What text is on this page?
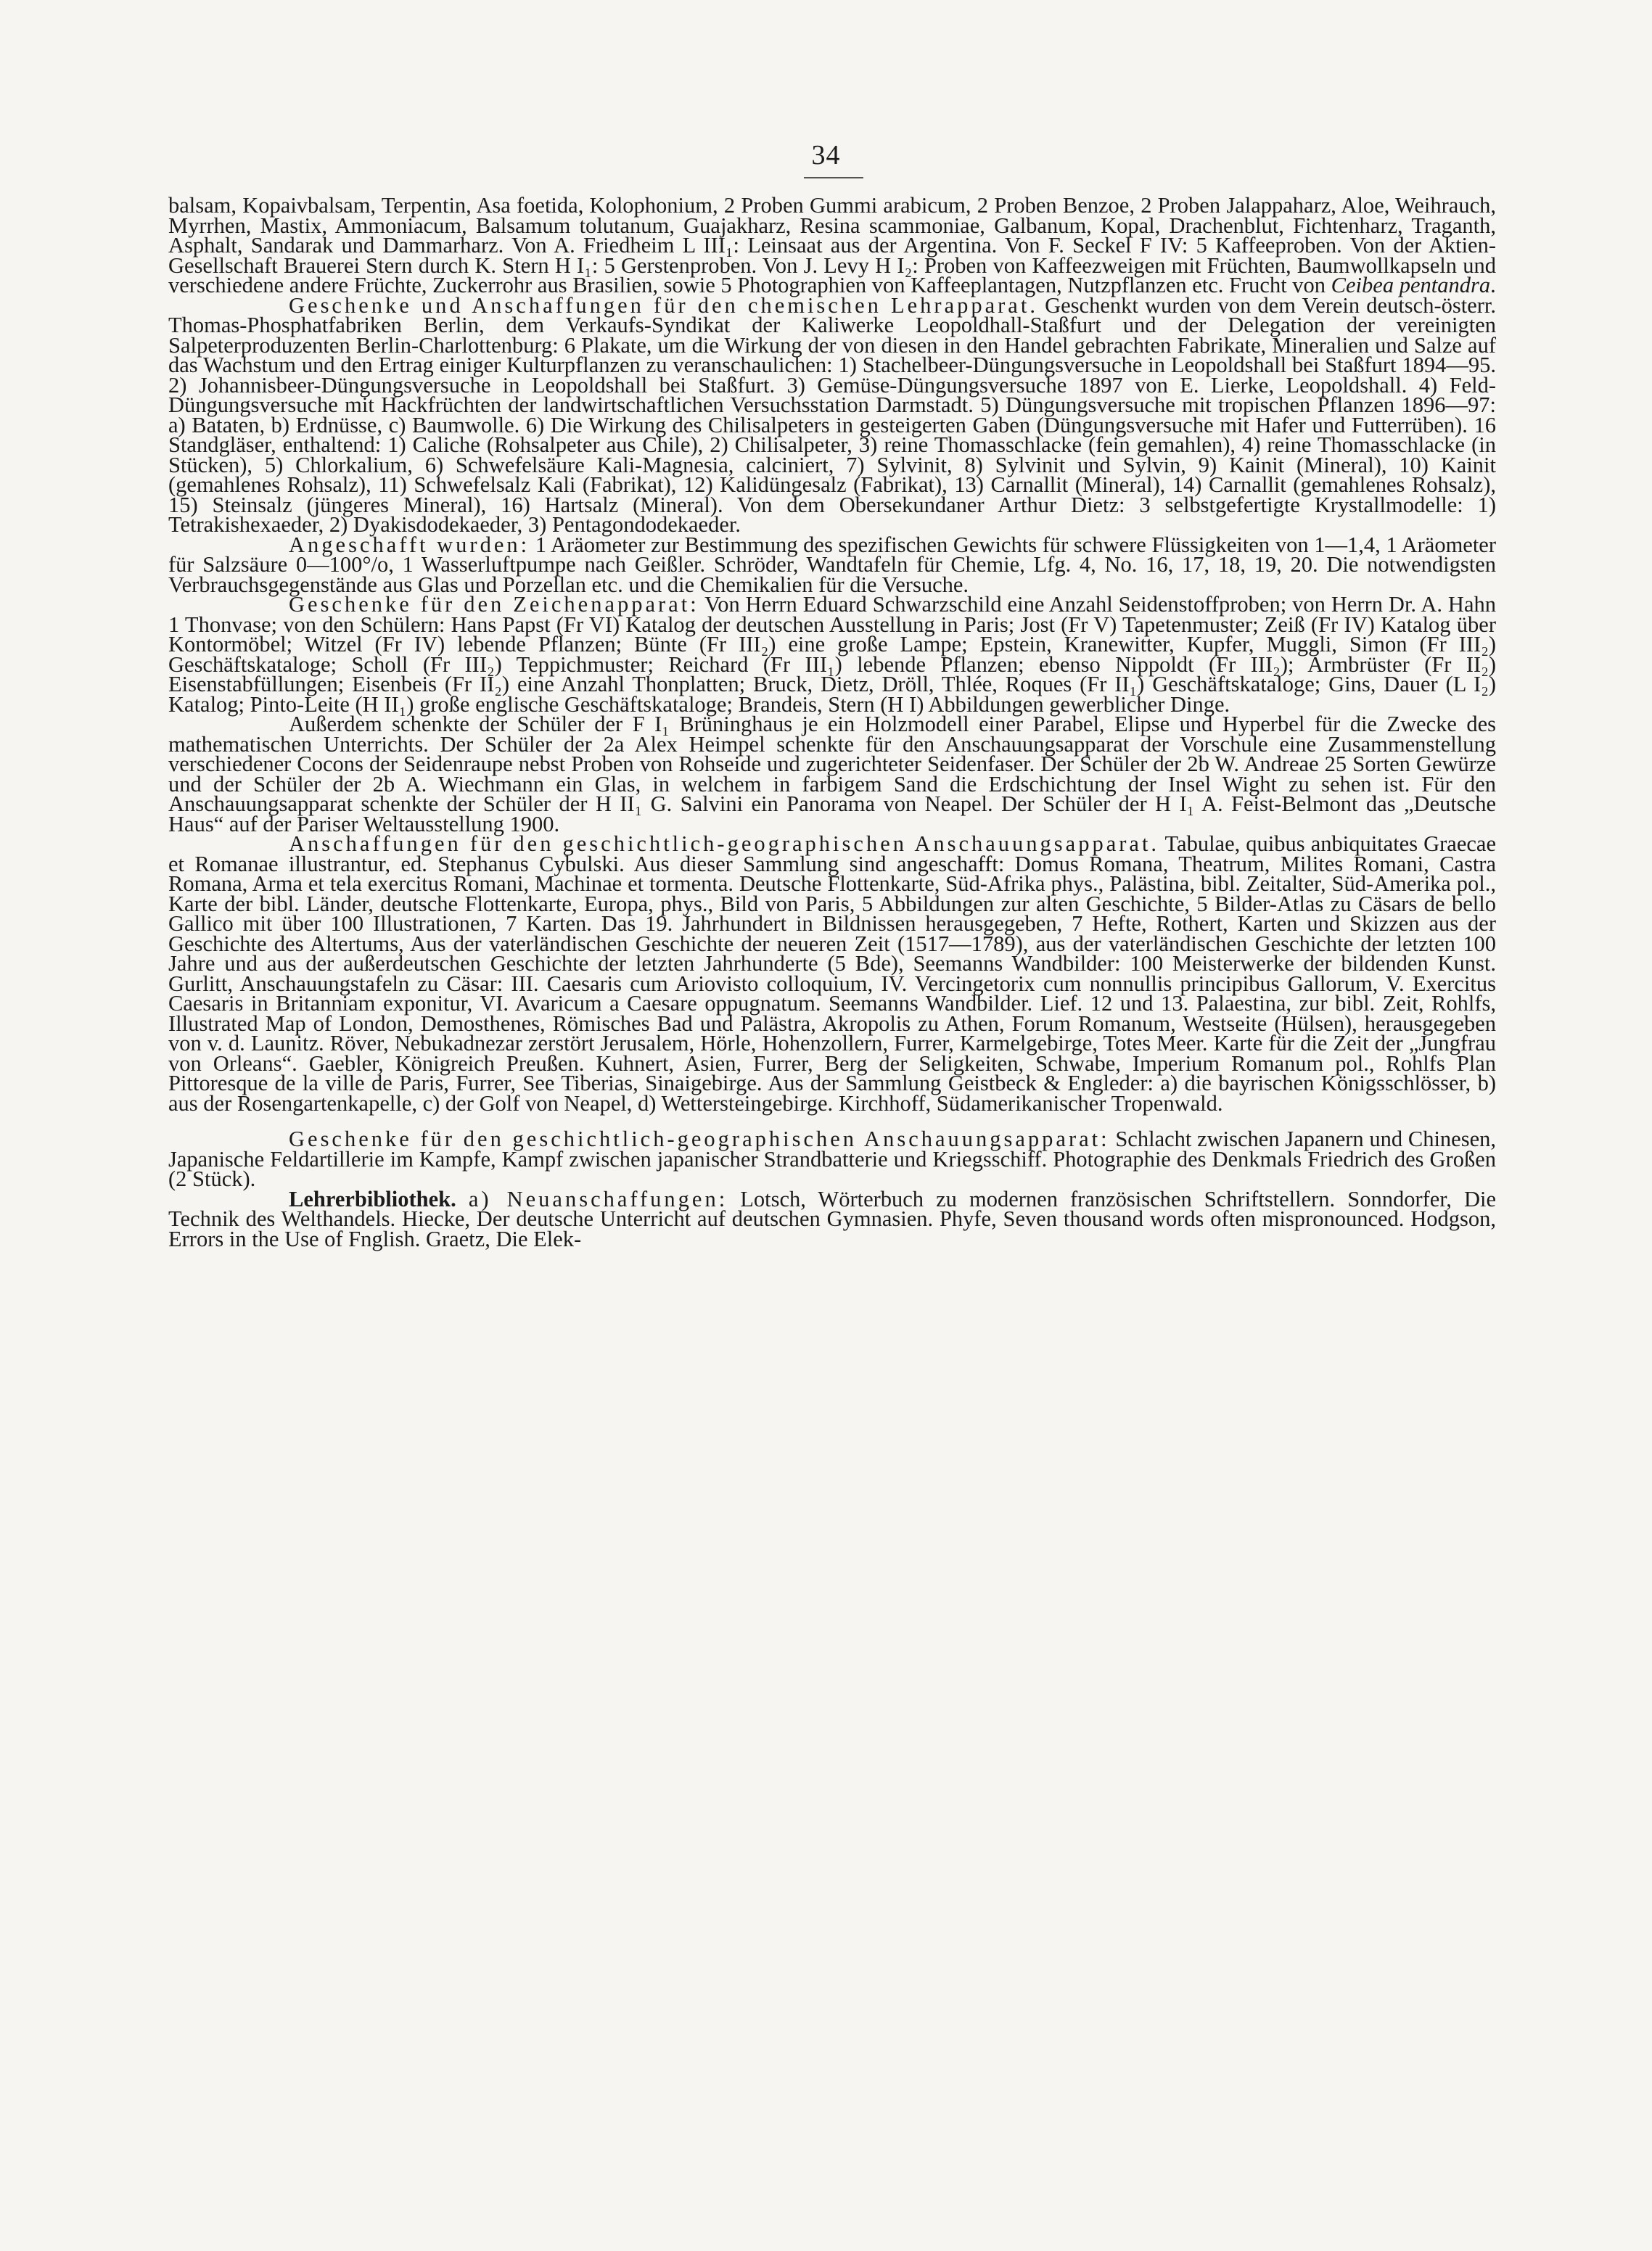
34

balsam, Kopaivbalsam, Terpentin, Asa foetida, Kolophonium, 2 Proben Gummi arabicum, 2 Proben Benzoe, 2 Proben Jalappaharz, Aloe, Weihrauch, Myrrhen, Mastix, Ammoniacum, Balsamum tolutanum, Guajakharz, Resina scammoniae, Galbanum, Kopal, Drachenblut, Fichtenharz, Traganth, Asphalt, Sandarak und Dammarharz. Von A. Friedheim L III₁: Leinsaat aus der Argentina. Von F. Seckel F IV: 5 Kaffeeproben. Von der Aktien-Gesellschaft Brauerei Stern durch K. Stern H I₁: 5 Gerstenproben. Von J. Levy H I₂: Proben von Kaffeezweigen mit Früchten, Baumwollkapseln und verschiedene andere Früchte, Zuckerrohr aus Brasilien, sowie 5 Photographien von Kaffeeplantagen, Nutzpflanzen etc. Frucht von Ceibea pentandra.

Geschenke und Anschaffungen für den chemischen Lehrapparat. Geschenkt wurden von dem Verein deutsch-österr. Thomas-Phosphatfabriken Berlin, dem Verkaufs-Syndikat der Kaliwerke Leopoldhall-Staßfurt und der Delegation der vereinigten Salpeterproduzenten Berlin-Charlottenburg: 6 Plakate, um die Wirkung der von diesen in den Handel gebrachten Fabrikate, Mineralien und Salze auf das Wachstum und den Ertrag einiger Kulturpflanzen zu veranschaulichen: 1) Stachelbeer-Düngungsversuche in Leopoldshall bei Staßfurt 1894—95. 2) Johannisbeer-Düngungsversuche in Leopoldshall bei Staßfurt. 3) Gemüse-Düngungsversuche 1897 von E. Lierke, Leopoldshall. 4) Feld-Düngungsversuche mit Hackfrüchten der landwirtschaftlichen Versuchsstation Darmstadt. 5) Düngungsversuche mit tropischen Pflanzen 1896—97: a) Bataten, b) Erdnüsse, c) Baumwolle. 6) Die Wirkung des Chilisalpeters in gesteigerten Gaben (Düngungsversuche mit Hafer und Futterrüben). 16 Standgläser, enthaltend: 1) Caliche (Rohsalpeter aus Chile), 2) Chilisalpeter, 3) reine Thomasschlacke (fein gemahlen), 4) reine Thomasschlacke (in Stücken), 5) Chlorkalium, 6) Schwefelsäure Kali-Magnesia, calciniert, 7) Sylvinit, 8) Sylvinit und Sylvin, 9) Kainit (Mineral), 10) Kainit (gemahlenes Rohsalz), 11) Schwefelsalz Kali (Fabrikat), 12) Kalidüngesalz (Fabrikat), 13) Carnallit (Mineral), 14) Carnallit (gemahlenes Rohsalz), 15) Steinsalz (jüngeres Mineral), 16) Hartsalz (Mineral). Von dem Obersekundaner Arthur Dietz: 3 selbstgefertigte Krystallmodelle: 1) Tetrakishexaeder, 2) Dyakisdodekaeder, 3) Pentagondodekaeder.

Angeschafft wurden: 1 Aräometer zur Bestimmung des spezifischen Gewichts für schwere Flüssigkeiten von 1—1,4, 1 Aräometer für Salzsäure 0—100°/o, 1 Wasserluftpumpe nach Geißler. Schröder, Wandtafeln für Chemie, Lfg. 4, No. 16, 17, 18, 19, 20. Die notwendigsten Verbrauchsgegenstände aus Glas und Porzellan etc. und die Chemikalien für die Versuche.

Geschenke für den Zeichenapparat: Von Herrn Eduard Schwarzschild eine Anzahl Seidenstoffproben; von Herrn Dr. A. Hahn 1 Thonvase; von den Schülern: Hans Papst (Fr VI) Katalog der deutschen Ausstellung in Paris; Jost (Fr V) Tapetenmuster; Zeiß (Fr IV) Katalog über Kontormöbel; Witzel (Fr IV) lebende Pflanzen; Bünte (Fr III₂) eine große Lampe; Epstein, Kranewitter, Kupfer, Muggli, Simon (Fr III₂) Geschäftskataloge; Scholl (Fr III₂) Teppichmuster; Reichard (Fr III₁) lebende Pflanzen; ebenso Nippoldt (Fr III₂); Armbrüster (Fr II₂) Eisenstabfüllungen; Eisenbeis (Fr II₂) eine Anzahl Thonplatten; Bruck, Dietz, Dröll, Thlée, Roques (Fr II₁) Geschäftskataloge; Gins, Dauer (L I₂) Katalog; Pinto-Leite (H II₁) große englische Geschäftskataloge; Brandeis, Stern (H I) Abbildungen gewerblicher Dinge.

Außerdem schenkte der Schüler der F I₁ Brüninghaus je ein Holzmodell einer Parabel, Elipse und Hyperbel für die Zwecke des mathematischen Unterrichts. Der Schüler der 2a Alex Heimpel schenkte für den Anschauungsapparat der Vorschule eine Zusammenstellung verschiedener Cocons der Seidenraupe nebst Proben von Rohseide und zugerichteter Seidenfaser. Der Schüler der 2b W. Andreae 25 Sorten Gewürze und der Schüler der 2b A. Wiechmann ein Glas, in welchem in farbigem Sand die Erdschichtung der Insel Wight zu sehen ist. Für den Anschauungsapparat schenkte der Schüler der H II₁ G. Salvini ein Panorama von Neapel. Der Schüler der H I₁ A. Feist-Belmont das „Deutsche Haus“ auf der Pariser Weltausstellung 1900.

Anschaffungen für den geschichtlich-geographischen Anschauungsapparat. Tabulae, quibus anbiquitates Graecae et Romanae illustrantur, ed. Stephanus Cybulski. Aus dieser Sammlung sind angeschafft: Domus Romana, Theatrum, Milites Romani, Castra Romana, Arma et tela exercitus Romani, Machinae et tormenta. Deutsche Flottenkarte, Süd-Afrika phys., Palästina, bibl. Zeitalter, Süd-Amerika pol., Karte der bibl. Länder, deutsche Flottenkarte, Europa, phys., Bild von Paris, 5 Abbildungen zur alten Geschichte, 5 Bilder-Atlas zu Cäsars de bello Gallico mit über 100 Illustrationen, 7 Karten. Das 19. Jahrhundert in Bildnissen herausgegeben, 7 Hefte, Rothert, Karten und Skizzen aus der Geschichte des Altertums, Aus der vaterländischen Geschichte der neueren Zeit (1517—1789), aus der vaterländischen Geschichte der letzten 100 Jahre und aus der außerdeutschen Geschichte der letzten Jahrhunderte (5 Bde), Seemanns Wandbilder: 100 Meisterwerke der bildenden Kunst. Gurlitt, Anschauungstafeln zu Cäsar: III. Caesaris cum Ariovisto colloquium, IV. Vercingetorix cum nonnullis principibus Gallorum, V. Exercitus Caesaris in Britanniam exponitur, VI. Avaricum a Caesare oppugnatum. Seemanns Wandbilder. Lief. 12 und 13. Palaestina, zur bibl. Zeit, Rohlfs, Illustrated Map of London, Demosthenes, Römisches Bad und Palästra, Akropolis zu Athen, Forum Romanum, Westseite (Hülsen), herausgegeben von v. d. Launitz. Röver, Nebukadnezar zerstört Jerusalem, Hörle, Hohenzollern, Furrer, Karmelgebirge, Totes Meer. Karte für die Zeit der „Jungfrau von Orleans“. Gaebler, Königreich Preußen. Kuhnert, Asien, Furrer, Berg der Seligkeiten, Schwabe, Imperium Romanum pol., Rohlfs Plan Pittoresque de la ville de Paris, Furrer, See Tiberias, Sinaigebirge. Aus der Sammlung Geistbeck & Engleder: a) die bayrischen Königsschlösser, b) aus der Rosengartenkapelle, c) der Golf von Neapel, d) Wettersteingebirge. Kirchhoff, Südamerikanischer Tropenwald.

Geschenke für den geschichtlich-geographischen Anschauungsapparat: Schlacht zwischen Japanern und Chinesen, Japanische Feldartillerie im Kampfe, Kampf zwischen japanischer Strandbatterie und Kriegsschiff. Photographie des Denkmals Friedrich des Großen (2 Stück).

Lehrerbibliothek. a) Neuanschaffungen: Lotsch, Wörterbuch zu modernen französischen Schriftstellern. Sonndorfer, Die Technik des Welthandels. Hiecke, Der deutsche Unterricht auf deutschen Gymnasien. Phyfe, Seven thousand words often mispronounced. Hodgson, Errors in the Use of Fnglish. Graetz, Die Elek-
